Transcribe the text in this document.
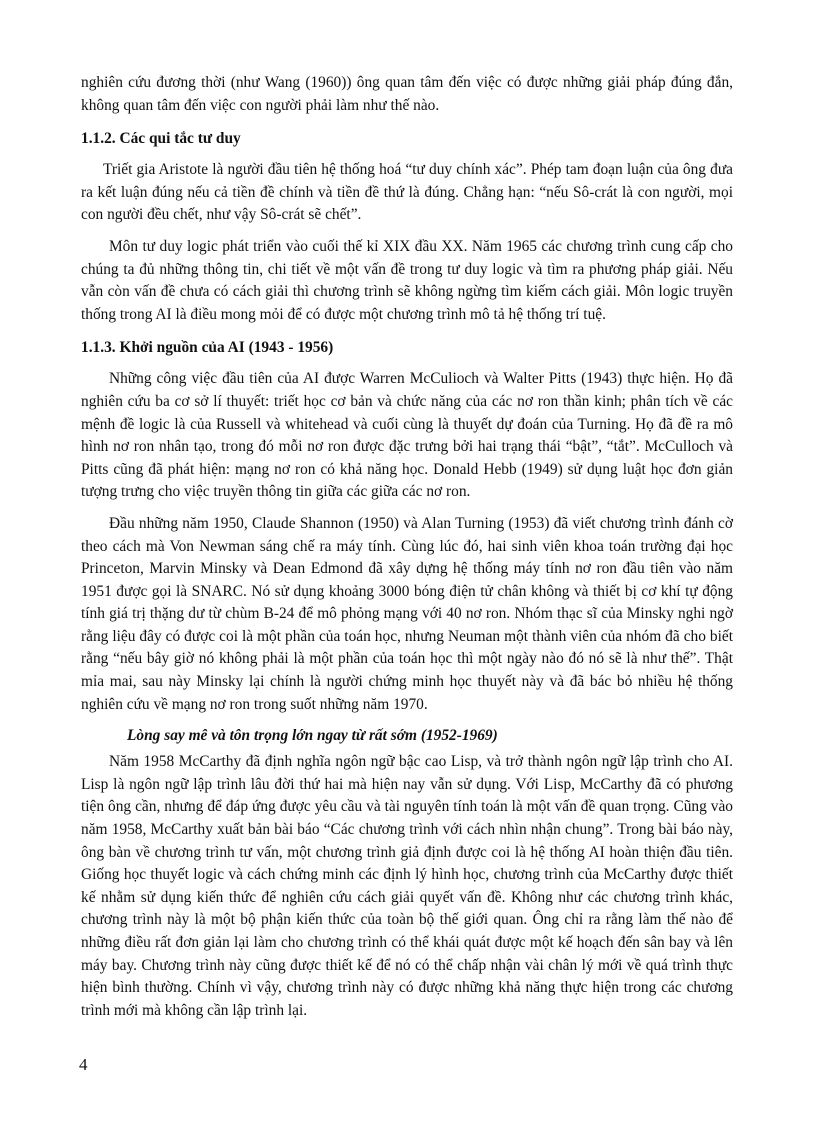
nghiên cứu đương thời (như Wang (1960)) ông quan tâm đến việc có được những giải pháp đúng đắn, không quan tâm đến việc con người phải làm như thế nào.

1.1.2. Các qui tắc tư duy

Triết gia Aristote là người đầu tiên hệ thống hoá “tư duy chính xác”. Phép tam đoạn luận của ông đưa ra kết luận đúng nếu cả tiền đề chính và tiền đề thứ là đúng. Chẳng hạn: “nếu Sô-crát là con người, mọi con người đều chết, như vậy Sô-crát sẽ chết”.

Môn tư duy logic phát triển vào cuối thế kỉ XIX đầu XX. Năm 1965 các chương trình cung cấp cho chúng ta đủ những thông tin, chi tiết về một vấn đề trong tư duy logic và tìm ra phương pháp giải. Nếu vẫn còn vấn đề chưa có cách giải thì chương trình sẽ không ngừng tìm kiếm cách giải. Môn logic truyền thống trong AI là điều mong mỏi để có được một chương trình mô tả hệ thống trí tuệ.

1.1.3. Khởi nguồn của AI (1943 - 1956)

Những công việc đầu tiên của AI được Warren McCulioch và Walter Pitts (1943) thực hiện. Họ đã nghiên cứu ba cơ sở lí thuyết: triết học cơ bản và chức năng của các nơ ron thần kinh; phân tích về các mệnh đề logic là của Russell và whitehead và cuối cùng là thuyết dự đoán của Turning. Họ đã đề ra mô hình nơ ron nhân tạo, trong đó mỗi nơ ron được đặc trưng bởi hai trạng thái “bật”, “tắt”. McCulloch và Pitts cũng đã phát hiện: mạng nơ ron có khả năng học. Donald Hebb (1949) sử dụng luật học đơn giản tượng trưng cho việc truyền thông tin giữa các giữa các nơ ron.

Đầu những năm 1950, Claude Shannon (1950) và Alan Turning (1953) đã viết chương trình đánh cờ theo cách mà Von Newman sáng chế ra máy tính. Cùng lúc đó, hai sinh viên khoa toán trường đại học Princeton, Marvin Minsky và Dean Edmond đã xây dựng hệ thống máy tính nơ ron đầu tiên vào năm 1951 được gọi là SNARC. Nó sử dụng khoảng 3000 bóng điện tử chân không và thiết bị cơ khí tự động tính giá trị thặng dư từ chùm B-24 để mô phỏng mạng với 40 nơ ron. Nhóm thạc sĩ của Minsky nghi ngờ rằng liệu đây có được coi là một phần của toán học, nhưng Neuman một thành viên của nhóm đã cho biết rằng “nếu bây giờ nó không phải là một phần của toán học thì một ngày nào đó nó sẽ là như thế”. Thật mỉa mai, sau này Minsky lại chính là người chứng minh học thuyết này và đã bác bỏ nhiều hệ thống nghiên cứu về mạng nơ ron trong suốt những năm 1970.

Lòng say mê và tôn trọng lớn ngay từ rất sớm (1952-1969)

Năm 1958 McCarthy đã định nghĩa ngôn ngữ bậc cao Lisp, và trở thành ngôn ngữ lập trình cho AI. Lisp là ngôn ngữ lập trình lâu đời thứ hai mà hiện nay vẫn sử dụng. Với Lisp, McCarthy đã có phương tiện ông cần, nhưng để đáp ứng được yêu cầu và tài nguyên tính toán là một vấn đề quan trọng. Cũng vào năm 1958, McCarthy xuất bản bài báo “Các chương trình với cách nhìn nhận chung”. Trong bài báo này, ông bàn về chương trình tư vấn, một chương trình giả định được coi là hệ thống AI hoàn thiện đầu tiên. Giống học thuyết logic và cách chứng minh các định lý hình học, chương trình của McCarthy được thiết kế nhằm sử dụng kiến thức để nghiên cứu cách giải quyết vấn đề. Không như các chương trình khác, chương trình này là một bộ phận kiến thức của toàn bộ thế giới quan. Ông chỉ ra rằng làm thế nào để những điều rất đơn giản lại làm cho chương trình có thể khái quát được một kế hoạch đến sân bay và lên máy bay. Chương trình này cũng được thiết kế để nó có thể chấp nhận vài chân lý mới về quá trình thực hiện bình thường. Chính vì vậy, chương trình này có được những khả năng thực hiện trong các chương trình mới mà không cần lập trình lại.

4
